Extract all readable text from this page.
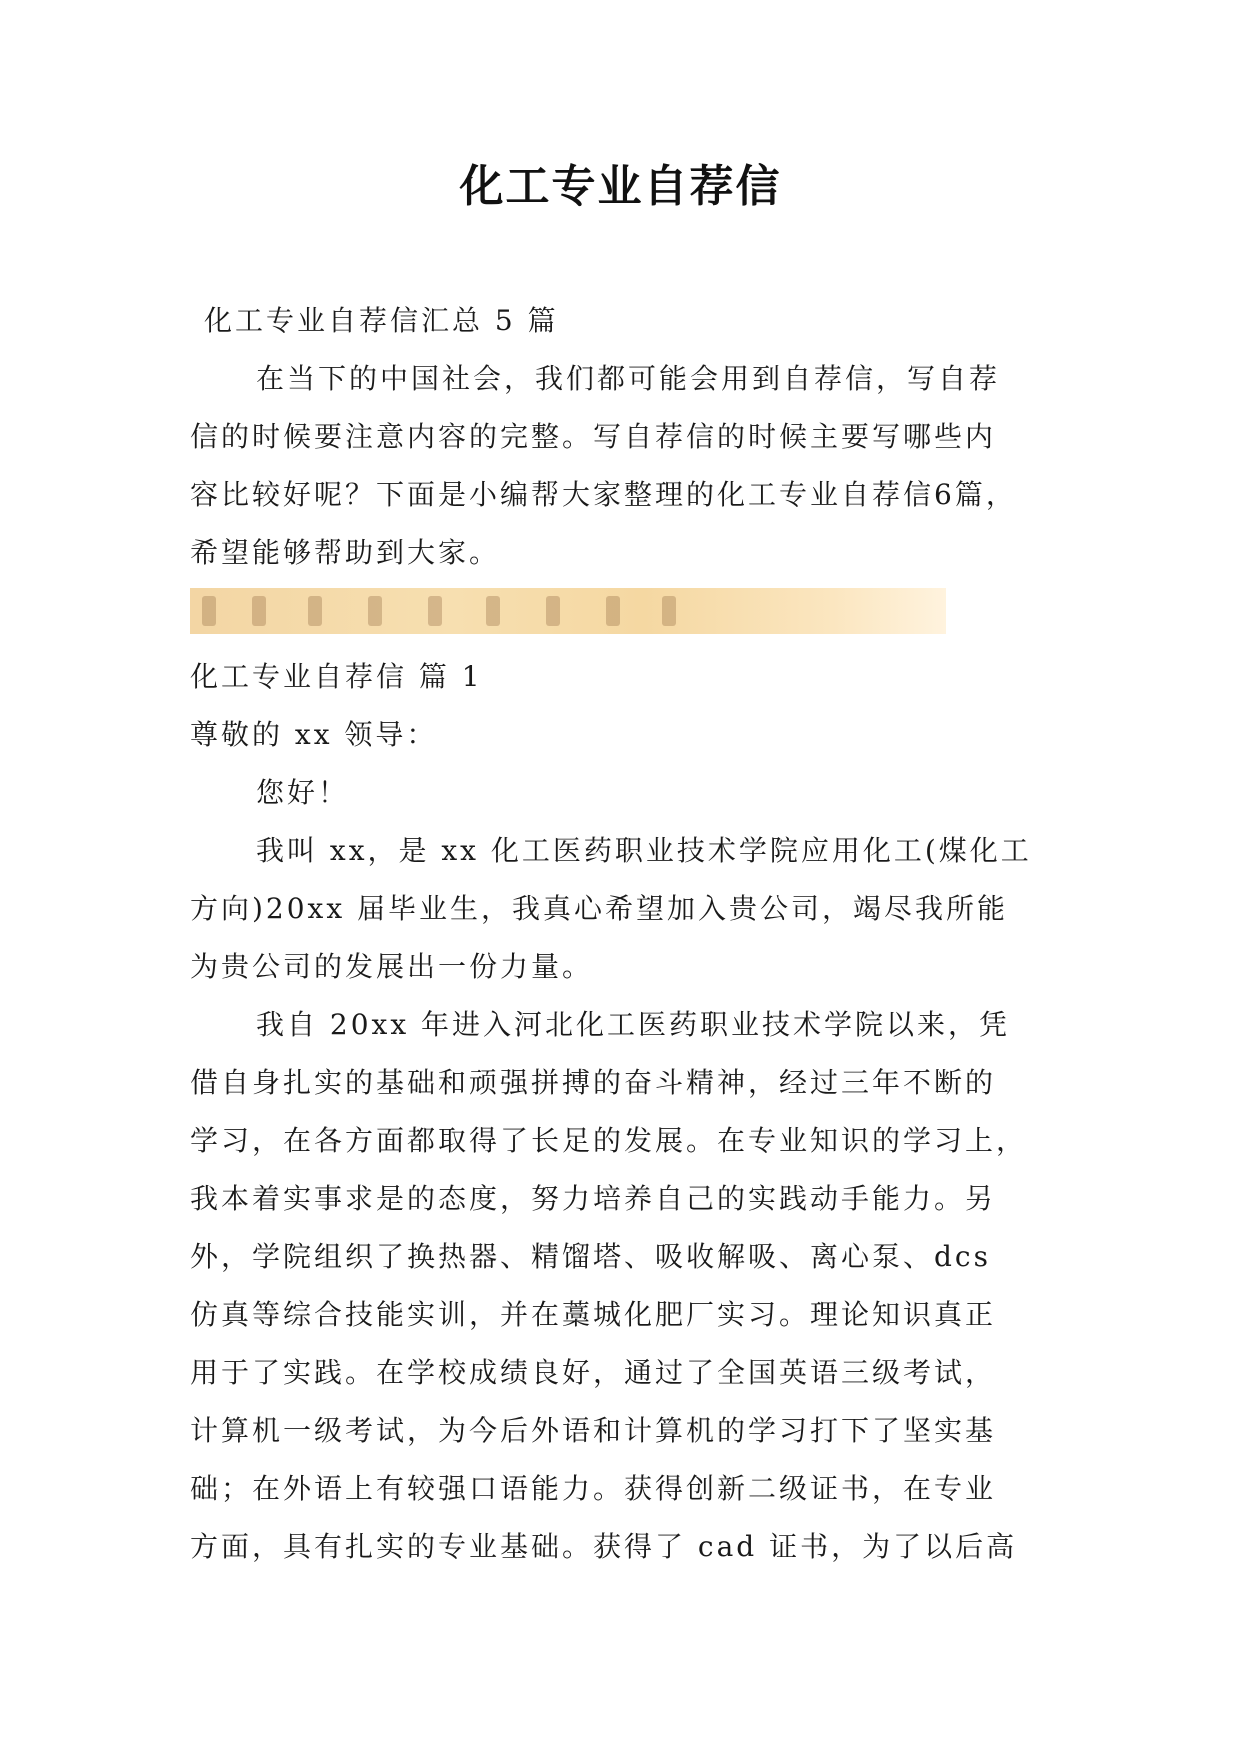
化工专业自荐信
化工专业自荐信汇总 5 篇
在当下的中国社会，我们都可能会用到自荐信，写自荐
信的时候要注意内容的完整。写自荐信的时候主要写哪些内
容比较好呢？下面是小编帮大家整理的化工专业自荐信6篇，
希望能够帮助到大家。
化工专业自荐信 篇 1
尊敬的 xx 领导：
您好！
我叫 xx，是 xx 化工医药职业技术学院应用化工(煤化工
方向)20xx 届毕业生，我真心希望加入贵公司，竭尽我所能
为贵公司的发展出一份力量。
我自 20xx 年进入河北化工医药职业技术学院以来，凭
借自身扎实的基础和顽强拼搏的奋斗精神，经过三年不断的
学习，在各方面都取得了长足的发展。在专业知识的学习上，
我本着实事求是的态度，努力培养自己的实践动手能力。另
外，学院组织了换热器、精馏塔、吸收解吸、离心泵、dcs
仿真等综合技能实训，并在藁城化肥厂实习。理论知识真正
用于了实践。在学校成绩良好，通过了全国英语三级考试，
计算机一级考试，为今后外语和计算机的学习打下了坚实基
础；在外语上有较强口语能力。获得创新二级证书，在专业
方面，具有扎实的专业基础。获得了 cad 证书，为了以后高
